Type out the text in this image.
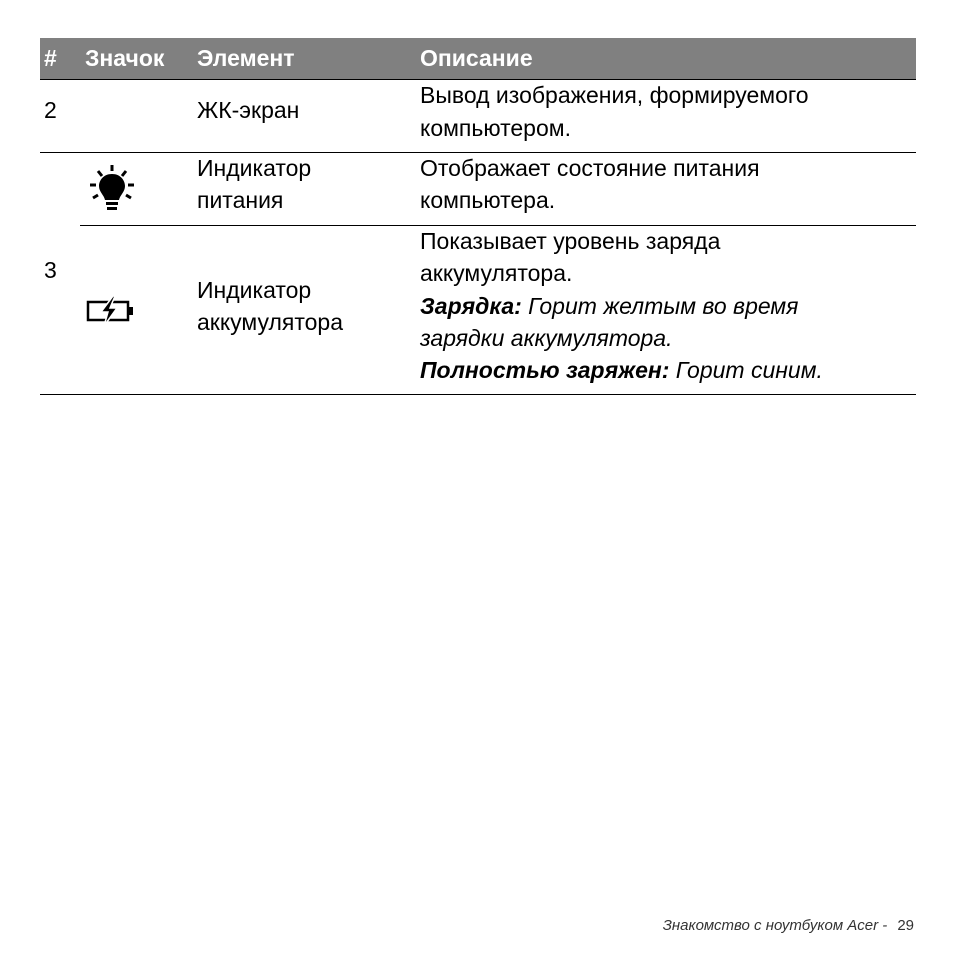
# Значок Элемент	Описание
2	ЖК-экран
Вывод изображения, формируемого
компьютером.
3
Индикатор
питания
Отображает состояние питания
компьютера.
Индикатор
аккумулятора
Показывает уровень заряда
аккумулятора.
Зарядка: Горит желтым во время
зарядки аккумулятора.
Полностью заряжен: Горит синим.
Знакомство с ноутбуком Acer - 29
